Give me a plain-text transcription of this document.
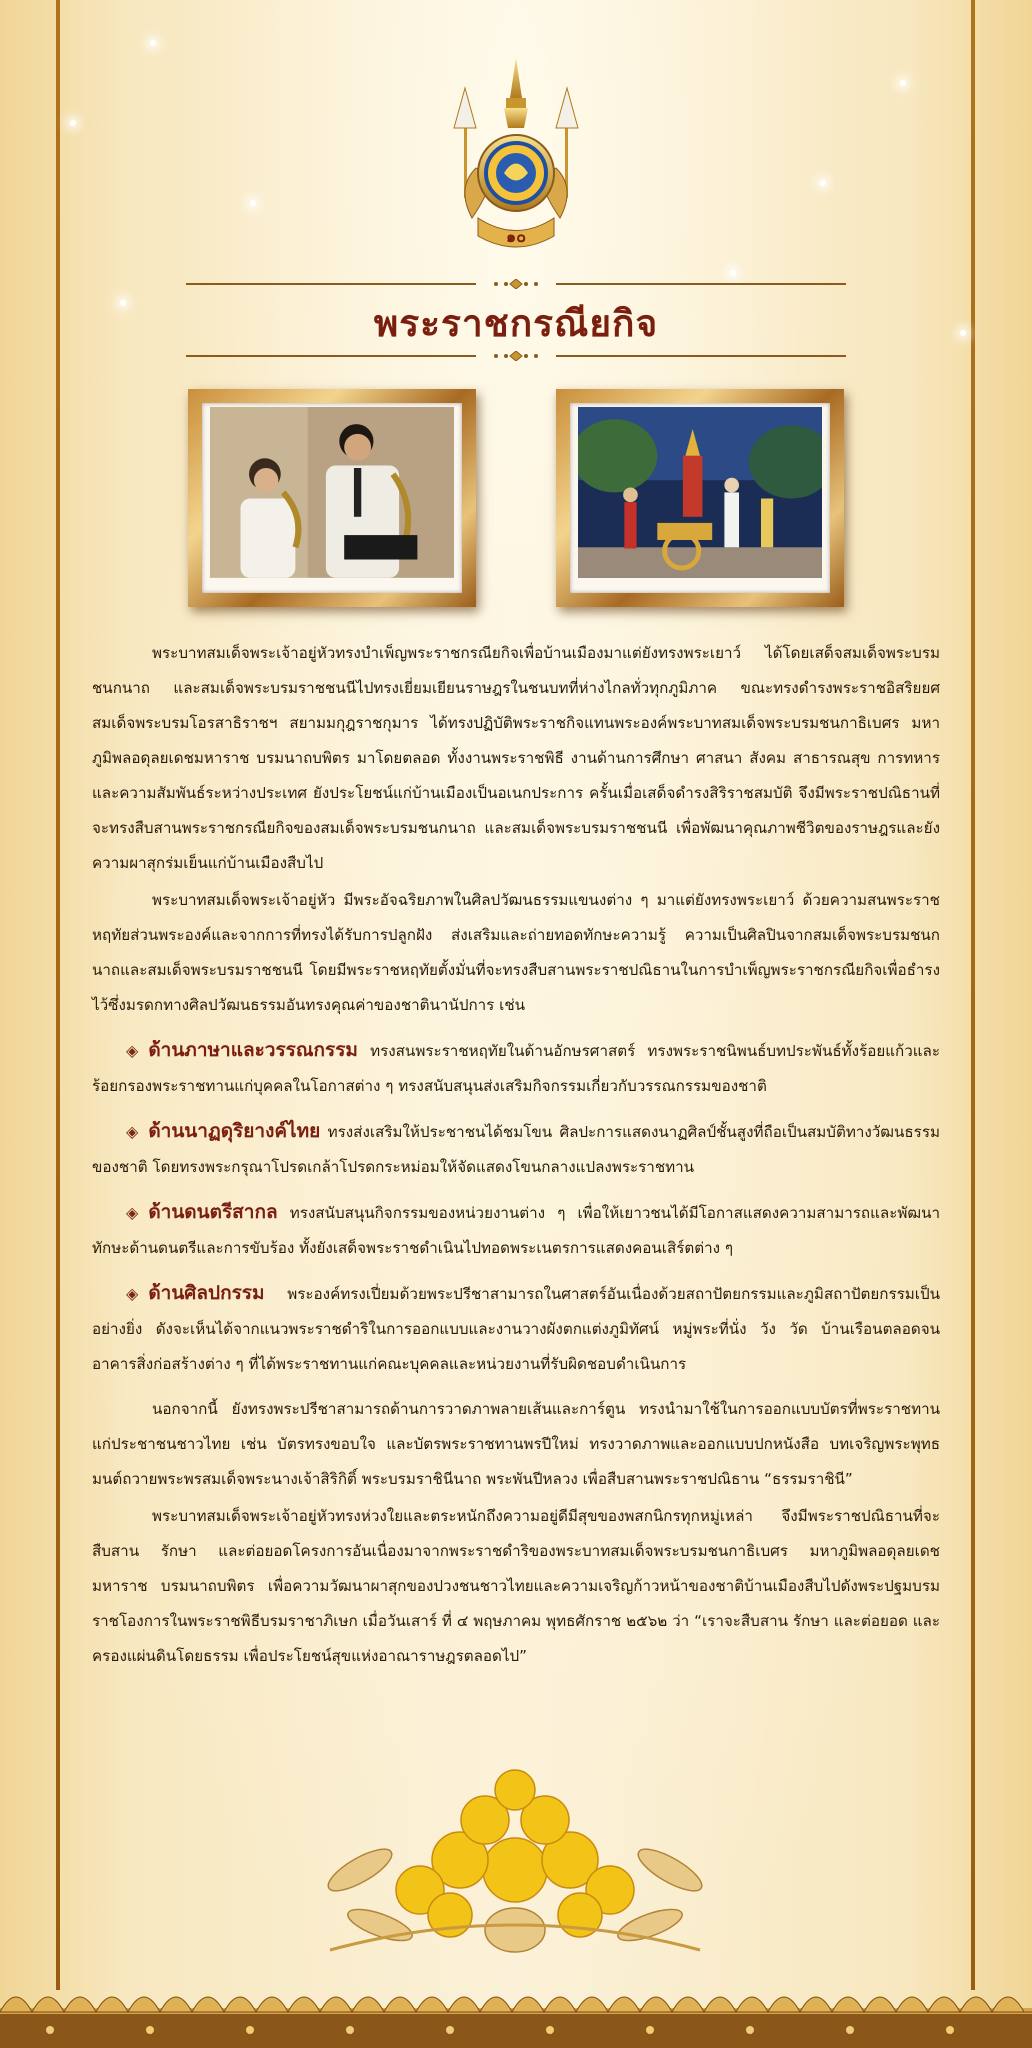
๑๐
พระราชกรณียกิจ

พระบาทสมเด็จพระเจ้าอยู่หัวทรงบำเพ็ญพระราชกรณียกิจเพื่อบ้านเมืองมาแต่ยังทรงพระเยาว์ ได้โดยเสด็จสมเด็จพระบรมชนกนาถ และสมเด็จพระบรมราชชนนีไปทรงเยี่ยมเยียนราษฎรในชนบทที่ห่างไกลทั่วทุกภูมิภาค ขณะทรงดำรงพระราชอิสริยยศสมเด็จพระบรมโอรสาธิราชฯ สยามมกุฎราชกุมาร ได้ทรงปฏิบัติพระราชกิจแทนพระองค์พระบาทสมเด็จพระบรมชนกาธิเบศร มหาภูมิพลอดุลยเดชมหาราช บรมนาถบพิตร มาโดยตลอด ทั้งงานพระราชพิธี งานด้านการศึกษา ศาสนา สังคม สาธารณสุข การทหาร และความสัมพันธ์ระหว่างประเทศ ยังประโยชน์แก่บ้านเมืองเป็นอเนกประการ ครั้นเมื่อเสด็จดำรงสิริราชสมบัติ จึงมีพระราชปณิธานที่จะทรงสืบสานพระราชกรณียกิจของสมเด็จพระบรมชนกนาถ และสมเด็จพระบรมราชชนนี เพื่อพัฒนาคุณภาพชีวิตของราษฎรและยังความผาสุกร่มเย็นแก่บ้านเมืองสืบไป

พระบาทสมเด็จพระเจ้าอยู่หัว มีพระอัจฉริยภาพในศิลปวัฒนธรรมแขนงต่าง ๆ มาแต่ยังทรงพระเยาว์ ด้วยความสนพระราชหฤทัยส่วนพระองค์และจากการที่ทรงได้รับการปลูกฝัง ส่งเสริมและถ่ายทอดทักษะความรู้ ความเป็นศิลปินจากสมเด็จพระบรมชนกนาถและสมเด็จพระบรมราชชนนี โดยมีพระราชหฤทัยตั้งมั่นที่จะทรงสืบสานพระราชปณิธานในการบำเพ็ญพระราชกรณียกิจเพื่อธำรงไว้ซึ่งมรดกทางศิลปวัฒนธรรมอันทรงคุณค่าของชาตินานัปการ เช่น

◈ ด้านภาษาและวรรณกรรม ทรงสนพระราชหฤทัยในด้านอักษรศาสตร์ ทรงพระราชนิพนธ์บทประพันธ์ทั้งร้อยแก้วและร้อยกรองพระราชทานแก่บุคคลในโอกาสต่าง ๆ ทรงสนับสนุนส่งเสริมกิจกรรมเกี่ยวกับวรรณกรรมของชาติ

◈ ด้านนาฏดุริยางค์ไทย ทรงส่งเสริมให้ประชาชนได้ชมโขน ศิลปะการแสดงนาฏศิลป์ชั้นสูงที่ถือเป็นสมบัติทางวัฒนธรรมของชาติ โดยทรงพระกรุณาโปรดเกล้าโปรดกระหม่อมให้จัดแสดงโขนกลางแปลงพระราชทาน

◈ ด้านดนตรีสากล ทรงสนับสนุนกิจกรรมของหน่วยงานต่าง ๆ เพื่อให้เยาวชนได้มีโอกาสแสดงความสามารถและพัฒนาทักษะด้านดนตรีและการขับร้อง ทั้งยังเสด็จพระราชดำเนินไปทอดพระเนตรการแสดงคอนเสิร์ตต่าง ๆ

◈ ด้านศิลปกรรม พระองค์ทรงเปี่ยมด้วยพระปรีชาสามารถในศาสตร์อันเนื่องด้วยสถาปัตยกรรมและภูมิสถาปัตยกรรมเป็นอย่างยิ่ง ดังจะเห็นได้จากแนวพระราชดำริในการออกแบบและงานวางผังตกแต่งภูมิทัศน์ หมู่พระที่นั่ง วัง วัด บ้านเรือนตลอดจนอาคารสิ่งก่อสร้างต่าง ๆ ที่ได้พระราชทานแก่คณะบุคคลและหน่วยงานที่รับผิดชอบดำเนินการ

นอกจากนี้ ยังทรงพระปรีชาสามารถด้านการวาดภาพลายเส้นและการ์ตูน ทรงนำมาใช้ในการออกแบบบัตรที่พระราชทานแก่ประชาชนชาวไทย เช่น บัตรทรงขอบใจ และบัตรพระราชทานพรปีใหม่ ทรงวาดภาพและออกแบบปกหนังสือ บทเจริญพระพุทธมนต์ถวายพระพรสมเด็จพระนางเจ้าสิริกิติ์ พระบรมราชินีนาถ พระพันปีหลวง เพื่อสืบสานพระราชปณิธาน “ธรรมราชินี”

พระบาทสมเด็จพระเจ้าอยู่หัวทรงห่วงใยและตระหนักถึงความอยู่ดีมีสุขของพสกนิกรทุกหมู่เหล่า จึงมีพระราชปณิธานที่จะสืบสาน รักษา และต่อยอดโครงการอันเนื่องมาจากพระราชดำริของพระบาทสมเด็จพระบรมชนกาธิเบศร มหาภูมิพลอดุลยเดชมหาราช บรมนาถบพิตร เพื่อความวัฒนาผาสุกของปวงชนชาวไทยและความเจริญก้าวหน้าของชาติบ้านเมืองสืบไปดังพระปฐมบรมราชโองการในพระราชพิธีบรมราชาภิเษก เมื่อวันเสาร์ ที่ ๔ พฤษภาคม พุทธศักราช ๒๕๖๒ ว่า “เราจะสืบสาน รักษา และต่อยอด และครองแผ่นดินโดยธรรม เพื่อประโยชน์สุขแห่งอาณาราษฎรตลอดไป”
